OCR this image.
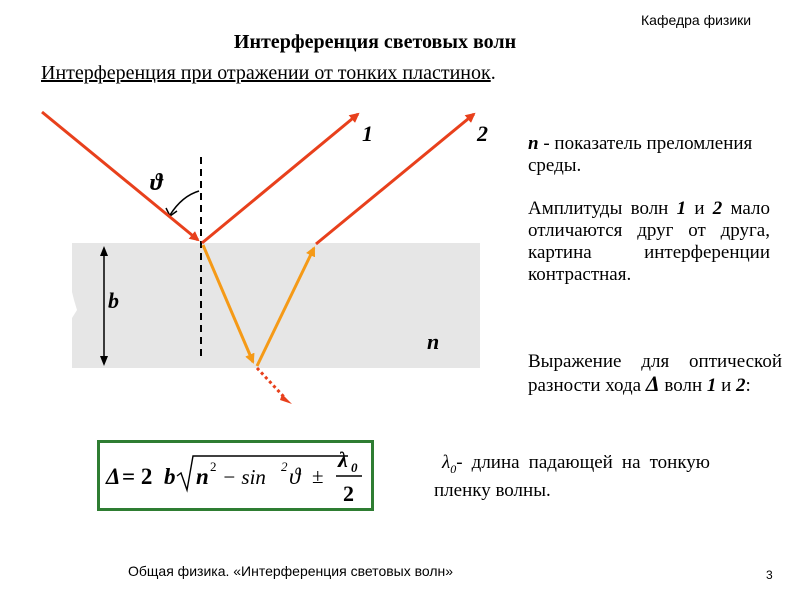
Кафедра физики
Интерференция световых волн
Интерференция при отражении от тонких пластинок.
1	2
ϑ
b
n
n - показатель преломления среды.
Амплитуды волн 1 и 2 мало отличаются друг от друга, картина интерференции контрастная.
Выражение для оптической разности хода Δ волн 1 и 2:
$\lambda_0-$ длина падающей на тонкую пленку волны.
Δ = 2 b n 2 − sin 2 ϑ ±
λ 0
2
Общая физика. «Интерференция световых волн»	3
